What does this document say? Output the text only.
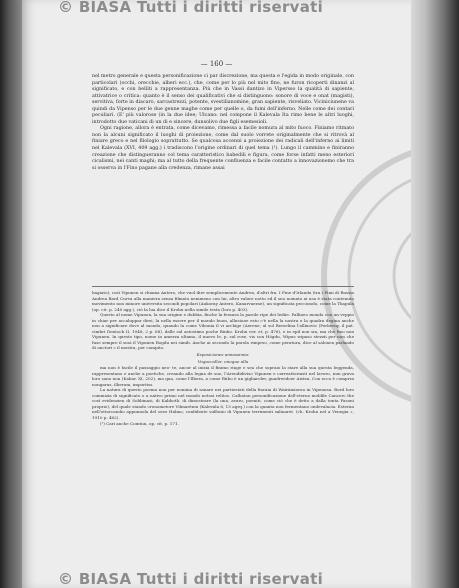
© BIASA Tutti i diritti riservati
— 160 —

nel metro generale e questa personificazione ci par discrezione, ma questa e l'egida in modo originale, con particolari (occhi, orecchie, alberi ecc.), che, come per lo più nel mito fino, ne furon ricoperti dinanzi al significato, e con belliti a rappresentanza. Più che in Vassi dantizo in Vipersso la qualità di sapiente, attivatrice o critica: quanto è il senso dei qualificativi che si distinguono: sonore di voce e onat (magisti), servitiva, forte in diacaro, sarcastrezzi, potente, svestilianomine, gran sapiente, risveliato. Viciniciunene va quindi da Vipenso per le due genne maghe come per quelle o, da fumi dell'inferno. Nelle come dei contari peculiari. (E' più valorose (in la due idee; Ulcano: nel compone il Kalevala Ita rimo bene le altri luoghi, introdotto due vaticani di un di e sincere, dunsolivo due figli esemesioli.

Ogni ragione, allora è entrata, come dicevamo, rimessa a facile nomura al mito fuoco. Finiamo ritmato non la alcuni significato il luoghi di proiezione, come dal suolo vorrete originalmente che si ritrovà al finiare greco e nel filologio soprattutto. Se qualcosa accenni a proiezione dei radicali dell'inferno ai limiti nel Kalevala (XVI, 409 agg.) i tradiscono l'origine ordinari di quel tema (¹). Lungo il cammino e finiranno creazione che distingueranno col tema caratteristico babedili e figura, come forse infatti meno esteriori cicalismi, nei canti maghi; ma al tutto della frequente confluenza e facile contatto a innovazionemo che tra si osserva in l'Fino pagane alla credenza, rimane assai

bagiato), così Vipunen si chiama Antero, che vuol dire semplicemente Andrea, d'altri fra. I Fine d'Irlanda (tra i Fimi di Russia Andrea Bard Curva alla maniera senza filmato nemmeno con lui, altro valore notto ed il suo nomato ai usa è stata contenuto movimento non minore universita secondi popolari (Aukoray Antero, Kanarvaerae), un significata pecciondo, come la Thapula (op. cit. p. 240 agg.), ciò la lua dice il Krohn nella simile testa (loro p. 403).

Questo al nome Vipunen, la sua origine e dubbia, finche la fessura la parole ripe dei lediie. Pallineo mondo con un veppio in chiar per accaluppar dirsi, la nella essere per il mondo buon, allusione esto c'è nella la nostra e la quadra degina anche non a significare dove al mondo, quando la come Vibonia il vi archige (Aerene; al sol Berselina l'allinovic (Perberny, il pat. cimbri Dentoch II, 1048, 2 p. 68). dalle sul astostimo poche Rinbo. Krohn ver. et, p. 476), e in epil non sin, ma che fino non Vipunen. In questo tipo, nome in amezza ultamo, il nuovo le, p. sul rose, vis con Högdu, Wipus wipaso stezzii per non che fuse sempre il suoi il Vipunen Rogdu nei simili. Anche ai secondo la parola rimprso, come peratura, dice al salonea parlando di unctori c il mostra, per compito.

Esposiciones amiassimia:

Vogoccollor, onogue alla

ma non è facile il passaggio neo- te, ancor al inizia il finimo ringe e sea che sopraio la stare alla sua questa leggenda, rappresentano e anche a poetiche, creando alla legna de suo, l'Arendidiviso Vipunen e carreattoriasti nel lavoro, nun grava loro sono non (Kabar. XI, 202), ma qua, come l'Ilbera, a come Rübo è un gigliaroler, guadreedoer Aistea. Con ecco è comprra nongarus, ilberum, importiss.

La natura di questo poema non per nomina di sanare nei partiestati della fioraia di Wairàmiorea in Vipenusa. Bord loro commizia di significato o a nativo primo nel mondo notosi relitos. Calbaton personificazione dell'eterno moldile Cancerc the così evidenzien di Sobbinasi, di Kabboth. di dimostrare (la una, avaro, poeniti, come ciò che è detto a dalla tonta Fasoni proprio), del quale stando cronometore Vilmaréniu (Kalevala 6, 13 agrq.) con la quanta non fermentano ondevalacia. Esteràn nell'ottorcandio appunnola del osee Halmo, confidente sulfonio di Vipunen terrimenti salinaret. (ch. Krohn nel a Venegia », 1910 p. 462).

(¹) Cari anche Comtun, op. cit. p. 171.

© BIASA Tutti i diritti riservati
